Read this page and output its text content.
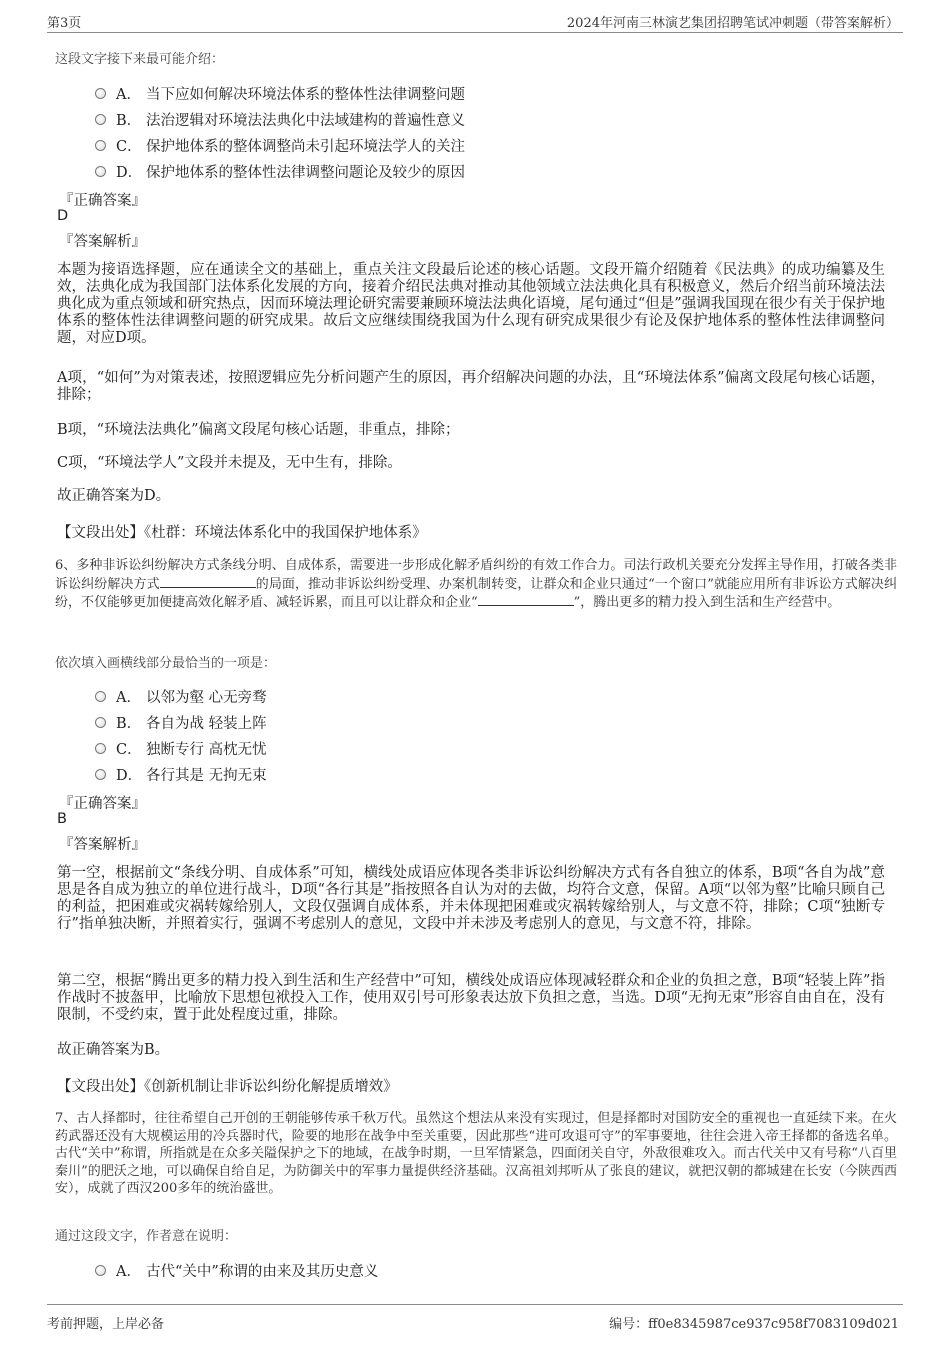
第3页	2024年河南三林演艺集团招聘笔试冲刺题（带答案解析）
这段文字接下来最可能介绍：
A． 当下应如何解决环境法体系的整体性法律调整问题
B． 法治逻辑对环境法法典化中法域建构的普遍性意义
C． 保护地体系的整体调整尚未引起环境法学人的关注
D． 保护地体系的整体性法律调整问题论及较少的原因
『正确答案』
D
『答案解析』

本题为接语选择题，应在通读全文的基础上，重点关注文段最后论述的核心话题。文段开篇介绍随着《民法典》的成功编纂及生效，法典化成为我国部门法体系化发展的方向，接着介绍民法典对推动其他领域立法法典化具有积极意义，然后介绍当前环境法法典化成为重点领域和研究热点，因而环境法理论研究需要兼顾环境法法典化语境，尾句通过“但是”强调我国现在很少有关于保护地体系的整体性法律调整问题的研究成果。故后文应继续围绕我国为什么现有研究成果很少有论及保护地体系的整体性法律调整问题，对应D项。

A项，“如何”为对策表述，按照逻辑应先分析问题产生的原因，再介绍解决问题的办法，且“环境法体系”偏离文段尾句核心话题，排除；

B项，“环境法法典化”偏离文段尾句核心话题，非重点，排除；

C项，“环境法学人”文段并未提及，无中生有，排除。

故正确答案为D。

【文段出处】《杜群：环境法体系化中的我国保护地体系》

6、多种非诉讼纠纷解决方式条线分明、自成体系，需要进一步形成化解矛盾纠纷的有效工作合力。司法行政机关要充分发挥主导作用，打破各类非诉讼纠纷解决方式	的局面，推动非诉讼纠纷受理、办案机制转变，让群众和企业只通过“一个窗口”就能应用所有非诉讼方式解决纠纷，不仅能够更加便捷高效化解矛盾、减轻诉累，而且可以让群众和企业“	”，腾出更多的精力投入到生活和生产经营中。

依次填入画横线部分最恰当的一项是：
A． 以邻为壑 心无旁骛
B． 各自为战 轻装上阵
C． 独断专行 高枕无忧
D． 各行其是 无拘无束
『正确答案』
B
『答案解析』

第一空，根据前文“条线分明、自成体系”可知，横线处成语应体现各类非诉讼纠纷解决方式有各自独立的体系，B项“各自为战”意思是各自成为独立的单位进行战斗，D项“各行其是”指按照各自认为对的去做，均符合文意，保留。A项“以邻为壑”比喻只顾自己的利益，把困难或灾祸转嫁给别人，文段仅强调自成体系，并未体现把困难或灾祸转嫁给别人，与文意不符，排除；C项“独断专行”指单独决断，并照着实行，强调不考虑别人的意见，文段中并未涉及考虑别人的意见，与文意不符，排除。

第二空，根据“腾出更多的精力投入到生活和生产经营中”可知，横线处成语应体现减轻群众和企业的负担之意，B项“轻装上阵”指作战时不披盔甲，比喻放下思想包袱投入工作，使用双引号可形象表达放下负担之意，当选。D项“无拘无束”形容自由自在，没有限制，不受约束，置于此处程度过重，排除。

故正确答案为B。

【文段出处】《创新机制让非诉讼纠纷化解提质增效》

7、古人择都时，往往希望自己开创的王朝能够传承千秋万代。虽然这个想法从来没有实现过，但是择都时对国防安全的重视也一直延续下来。在火药武器还没有大规模运用的冷兵器时代，险要的地形在战争中至关重要，因此那些“进可攻退可守”的军事要地，往往会进入帝王择都的备选名单。古代“关中”称谓，所指就是在众多关隘保护之下的地域，在战争时期，一旦军情紧急，四面闭关自守，外敌很难攻入。而古代关中又有号称“八百里秦川”的肥沃之地，可以确保自给自足，为防御关中的军事力量提供经济基础。汉高祖刘邦听从了张良的建议，就把汉朝的都城建在长安（今陕西西安），成就了西汉200多年的统治盛世。

通过这段文字，作者意在说明：
A． 古代“关中”称谓的由来及其历史意义
考前押题，上岸必备	编号：ff0e8345987ce937c958f7083109d021
